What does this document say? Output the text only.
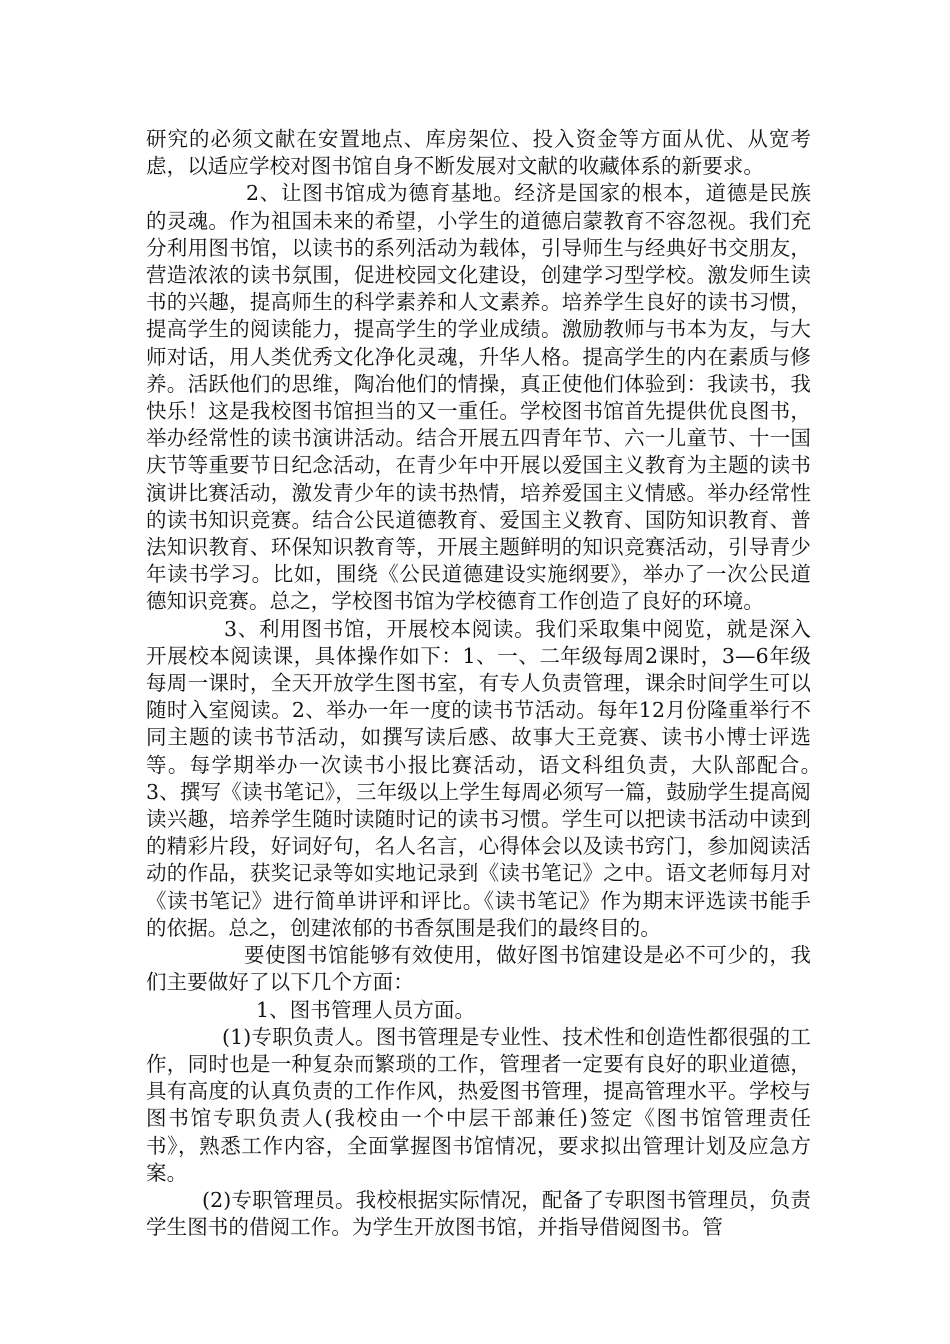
研究的必须文献在安置地点、库房架位、投入资金等方面从优、从宽考虑，以适应学校对图书馆自身不断发展对文献的收藏体系的新要求。

2、让图书馆成为德育基地。经济是国家的根本，道德是民族的灵魂。作为祖国未来的希望，小学生的道德启蒙教育不容忽视。我们充分利用图书馆，以读书的系列活动为载体，引导师生与经典好书交朋友，营造浓浓的读书氛围，促进校园文化建设，创建学习型学校。激发师生读书的兴趣，提高师生的科学素养和人文素养。培养学生良好的读书习惯，提高学生的阅读能力，提高学生的学业成绩。激励教师与书本为友，与大师对话，用人类优秀文化净化灵魂，升华人格。提高学生的内在素质与修养。活跃他们的思维，陶冶他们的情操，真正使他们体验到：我读书，我快乐！这是我校图书馆担当的又一重任。学校图书馆首先提供优良图书，举办经常性的读书演讲活动。结合开展五四青年节、六一儿童节、十一国庆节等重要节日纪念活动，在青少年中开展以爱国主义教育为主题的读书演讲比赛活动，激发青少年的读书热情，培养爱国主义情感。举办经常性的读书知识竞赛。结合公民道德教育、爱国主义教育、国防知识教育、普法知识教育、环保知识教育等，开展主题鲜明的知识竞赛活动，引导青少年读书学习。比如，围绕《公民道德建设实施纲要》，举办了一次公民道德知识竞赛。总之，学校图书馆为学校德育工作创造了良好的环境。

3、利用图书馆，开展校本阅读。我们采取集中阅览，就是深入开展校本阅读课，具体操作如下：1、一、二年级每周2课时，3—6年级每周一课时，全天开放学生图书室，有专人负责管理，课余时间学生可以随时入室阅读。2、举办一年一度的读书节活动。每年12月份隆重举行不同主题的读书节活动，如撰写读后感、故事大王竞赛、读书小博士评选等。每学期举办一次读书小报比赛活动，语文科组负责，大队部配合。　3、撰写《读书笔记》，三年级以上学生每周必须写一篇，鼓励学生提高阅读兴趣，培养学生随时读随时记的读书习惯。学生可以把读书活动中读到的精彩片段，好词好句，名人名言，心得体会以及读书窍门，参加阅读活动的作品，获奖记录等如实地记录到《读书笔记》之中。语文老师每月对《读书笔记》进行简单讲评和评比。《读书笔记》作为期末评选读书能手的依据。总之，创建浓郁的书香氛围是我们的最终目的。

要使图书馆能够有效使用，做好图书馆建设是必不可少的，我们主要做好了以下几个方面：

1、图书管理人员方面。

(1)专职负责人。图书管理是专业性、技术性和创造性都很强的工作，同时也是一种复杂而繁琐的工作，管理者一定要有良好的职业道德，具有高度的认真负责的工作作风，热爱图书管理，提高管理水平。学校与图书馆专职负责人(我校由一个中层干部兼任)签定《图书馆管理责任书》，熟悉工作内容，全面掌握图书馆情况，要求拟出管理计划及应急方案。

(2)专职管理员。我校根据实际情况，配备了专职图书管理员，负责学生图书的借阅工作。为学生开放图书馆，并指导借阅图书。管
